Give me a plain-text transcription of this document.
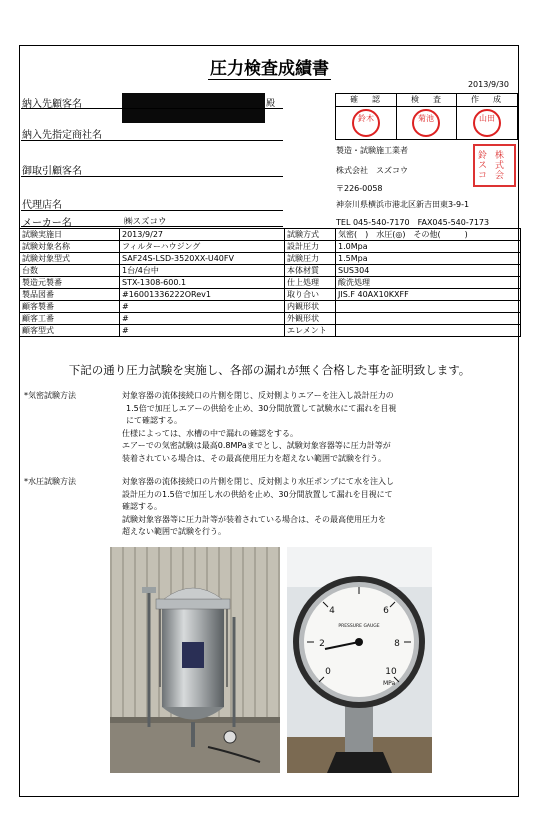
圧力検査成績書
2013/9/30
納入先顧客名	殿
納入先指定商社名
御取引顧客名
代理店名
メーカー名	㈱スズコウ
確　認	検　査	作　成
鈴木	菊池	山田
製造・試験施工業者
株式会社　スズコウ
〒226-0058
神奈川県横浜市港北区新吉田東3-9-1
TEL 045-540-7170　FAX045-540-7173
鈴 株
ス 式
コ 会
試験実施日	2013/9/27	試験方式	気密(　)　水圧(◎)　その他(　　　)
試験対象名称	フィルターハウジング	設計圧力	1.0Mpa
試験対象型式	SAF24S-LSD-3520XX-U40FV	試験圧力	1.5Mpa
台数	1台/4台中	本体材質	SUS304
製造元製番	STX-1308-600.1	仕上処理	酸洗処理
製品図番	#16001336222ORev1	取り合い	JIS.F 40AX10KXFF
顧客製番	#	内観形状	
顧客工番	#	外観形状	
顧客型式	#	エレメント	
下記の通り圧力試験を実施し、各部の漏れが無く合格した事を証明致します。
*気密試験方法	対象容器の流体接続口の片側を閉じ、反対側よりエアーを注入し設計圧力の
1.5倍で加圧しエアーの供給を止め、30分間放置して試験水にて漏れを目視
にて確認する。
仕様によっては、水槽の中で漏れの確認をする。
エアーでの気密試験は最高0.8MPaまでとし、試験対象容器等に圧力計等が
装着されている場合は、その最高使用圧力を超えない範囲で試験を行う。
*水圧試験方法	対象容器の流体接続口の片側を閉じ、反対側より水圧ポンプにて水を注入し
設計圧力の1.5倍で加圧し水の供給を止め、30分間放置して漏れを目視にて
確認する。
試験対象容器等に圧力計等が装着されている場合は、その最高使用圧力を
超えない範囲で試験を行う。
0
2
4	6
8
10
PRESSURE GAUGE
MPa
